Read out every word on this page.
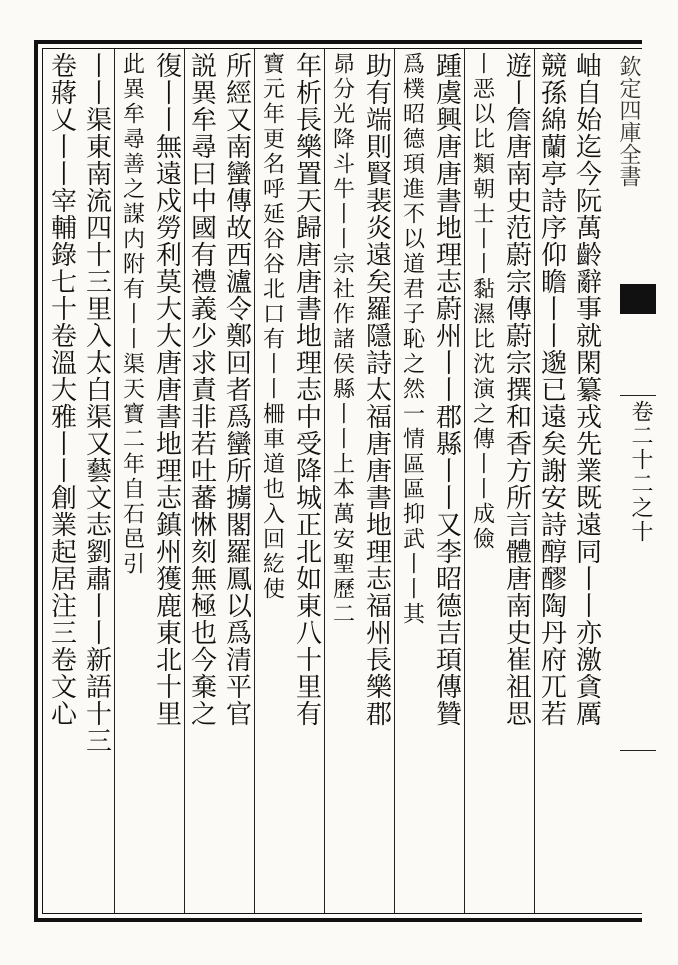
欽定四庫全書
卷二十二之十
岫自始迄今阮萬齡辭事就閑纂戎先業既遠同丨丨亦激貪厲
競孫綿蘭亭詩序仰瞻丨丨邈已遠矣謝安詩醇醪陶丹府兀若
遊丨詹唐南史范蔚宗傳蔚宗撰和香方所言體唐南史崔祖思
丨恶以比類朝士丨丨黏濕比沈演之傳丨丨成儉
踵虞興唐唐書地理志蔚州丨丨郡縣丨丨又李昭德吉頊傳贊
爲樸昭德頊進不以道君子恥之然一情區區抑武丨丨其
助有端則賢裴炎遠矣羅隱詩太福唐唐書地理志福州長樂郡
昴分光降斗牛丨丨宗社作諸侯縣丨丨上本萬安聖歷二
年析長樂置天歸唐唐書地理志中受降城正北如東八十里有
寶元年更名呼延谷谷北口有丨丨柵車道也入回紇使
所經又南蠻傳故西瀘令鄭回者爲蠻所擄閣羅鳳以爲清平官
説異牟尋曰中國有禮義少求責非若吐蕃惏刻無極也今棄之
復丨丨無遠戍勞利莫大大唐唐書地理志鎮州獲鹿東北十里
此異牟尋善之謀内附有丨丨渠天寶二年自石邑引
丨丨渠東南流四十三里入太白渠又藝文志劉肅丨丨新語十三
卷蔣乂丨丨宰輔錄七十卷溫大雅丨丨創業起居注三卷文心
